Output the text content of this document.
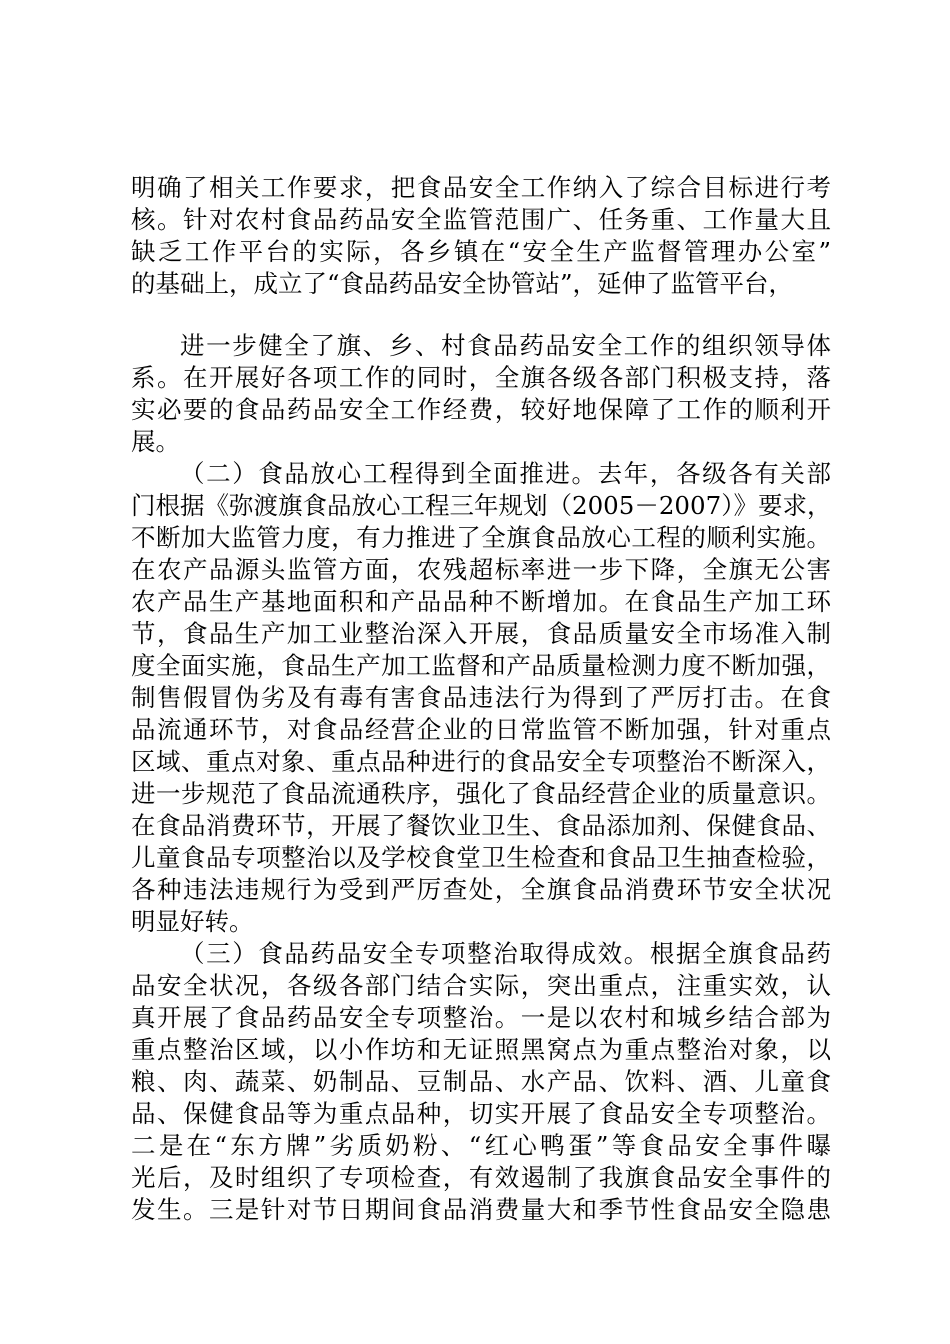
明确了相关工作要求，把食品安全工作纳入了综合目标进行考
核。针对农村食品药品安全监管范围广、任务重、工作量大且
缺乏工作平台的实际，各乡镇在“安全生产监督管理办公室”
的基础上，成立了“食品药品安全协管站”，延伸了监管平台，
进一步健全了旗、乡、村食品药品安全工作的组织领导体
系。在开展好各项工作的同时，全旗各级各部门积极支持，落
实必要的食品药品安全工作经费，较好地保障了工作的顺利开
展。
（二）食品放心工程得到全面推进。去年，各级各有关部
门根据《弥渡旗食品放心工程三年规划（2005－2007）》要求，
不断加大监管力度，有力推进了全旗食品放心工程的顺利实施。
在农产品源头监管方面，农残超标率进一步下降，全旗无公害
农产品生产基地面积和产品品种不断增加。在食品生产加工环
节，食品生产加工业整治深入开展，食品质量安全市场准入制
度全面实施，食品生产加工监督和产品质量检测力度不断加强，
制售假冒伪劣及有毒有害食品违法行为得到了严厉打击。在食
品流通环节，对食品经营企业的日常监管不断加强，针对重点
区域、重点对象、重点品种进行的食品安全专项整治不断深入，
进一步规范了食品流通秩序，强化了食品经营企业的质量意识。
在食品消费环节，开展了餐饮业卫生、食品添加剂、保健食品、
儿童食品专项整治以及学校食堂卫生检查和食品卫生抽查检验，
各种违法违规行为受到严厉查处，全旗食品消费环节安全状况
明显好转。
（三）食品药品安全专项整治取得成效。根据全旗食品药
品安全状况，各级各部门结合实际，突出重点，注重实效，认
真开展了食品药品安全专项整治。一是以农村和城乡结合部为
重点整治区域，以小作坊和无证照黑窝点为重点整治对象，以
粮、肉、蔬菜、奶制品、豆制品、水产品、饮料、酒、儿童食
品、保健食品等为重点品种，切实开展了食品安全专项整治。
二是在“东方牌”劣质奶粉、“红心鸭蛋”等食品安全事件曝
光后，及时组织了专项检查，有效遏制了我旗食品安全事件的
发生。三是针对节日期间食品消费量大和季节性食品安全隐患
